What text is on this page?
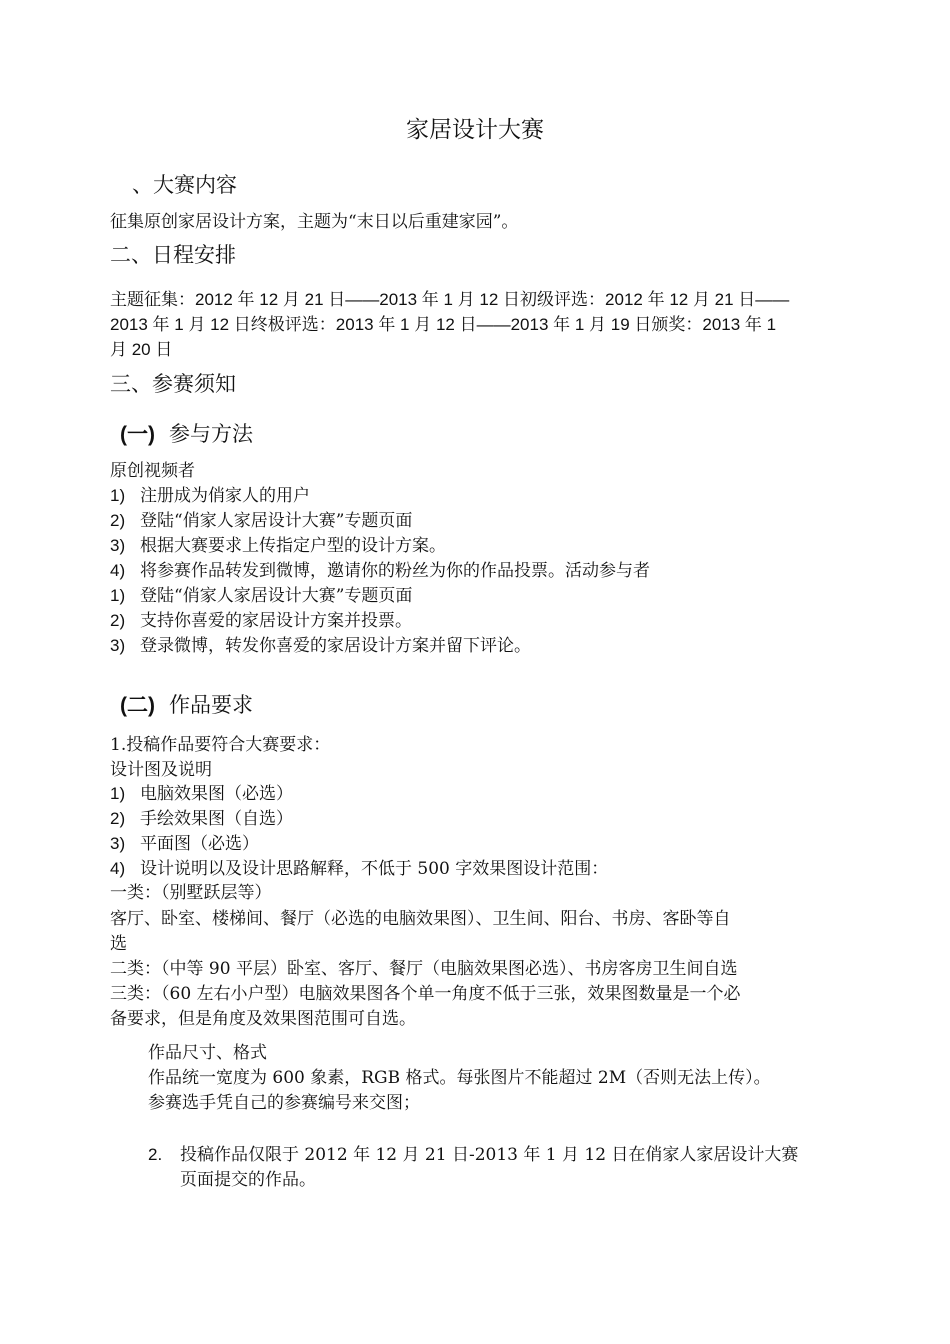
家居设计大赛
、大赛内容
征集原创家居设计方案，主题为“末日以后重建家园”。
二、日程安排
主题征集：2012 年 12 月 21 日——2013 年 1 月 12 日初级评选：2012 年 12 月 21 日——
2013 年 1 月 12 日终极评选：2013 年 1 月 12 日——2013 年 1 月 19 日颁奖：2013 年 1
月 20 日
三、参赛须知
(一) 参与方法
原创视频者
1) 注册成为俏家人的用户
2) 登陆“俏家人家居设计大赛”专题页面
3) 根据大赛要求上传指定户型的设计方案。
4) 将参赛作品转发到微博，邀请你的粉丝为你的作品投票。活动参与者
1) 登陆“俏家人家居设计大赛”专题页面
2) 支持你喜爱的家居设计方案并投票。
3) 登录微博，转发你喜爱的家居设计方案并留下评论。
(二) 作品要求
1.投稿作品要符合大赛要求：
设计图及说明
1) 电脑效果图（必选）
2) 手绘效果图（自选）
3) 平面图（必选）
4) 设计说明以及设计思路解释，不低于 500 字效果图设计范围：
一类：（别墅跃层等）
客厅、卧室、楼梯间、餐厅（必选的电脑效果图）、卫生间、阳台、书房、客卧等自
选
二类：（中等 90 平层）卧室、客厅、餐厅（电脑效果图必选）、书房客房卫生间自选
三类：（60 左右小户型）电脑效果图各个单一角度不低于三张，效果图数量是一个必
备要求，但是角度及效果图范围可自选。
作品尺寸、格式
作品统一宽度为 600 象素，RGB 格式。每张图片不能超过 2M（否则无法上传）。
参赛选手凭自己的参赛编号来交图；
2. 投稿作品仅限于 2012 年 12 月 21 日-2013 年 1 月 12 日在俏家人家居设计大赛
页面提交的作品。
